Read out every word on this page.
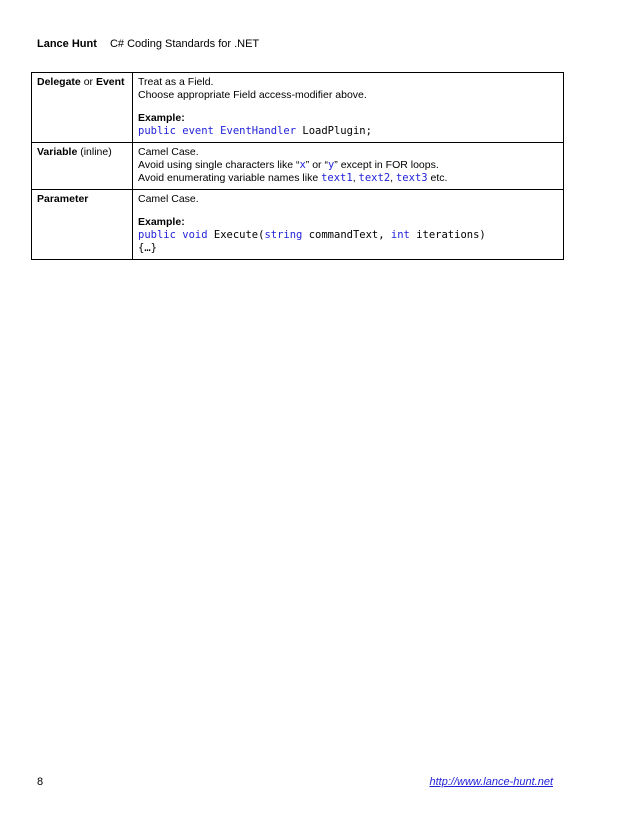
Lance Hunt C# Coding Standards for .NET
Delegate or Event	Treat as a Field.
Choose appropriate Field access-modifier above.
Example:
public event EventHandler LoadPlugin;

Variable (inline)	Camel Case.
Avoid using single characters like “x” or “y” except in FOR loops.
Avoid enumerating variable names like text1, text2, text3 etc.

Parameter	Camel Case.
Example:
public void Execute(string commandText, int iterations)
{…}
8	http://www.lance-hunt.net
